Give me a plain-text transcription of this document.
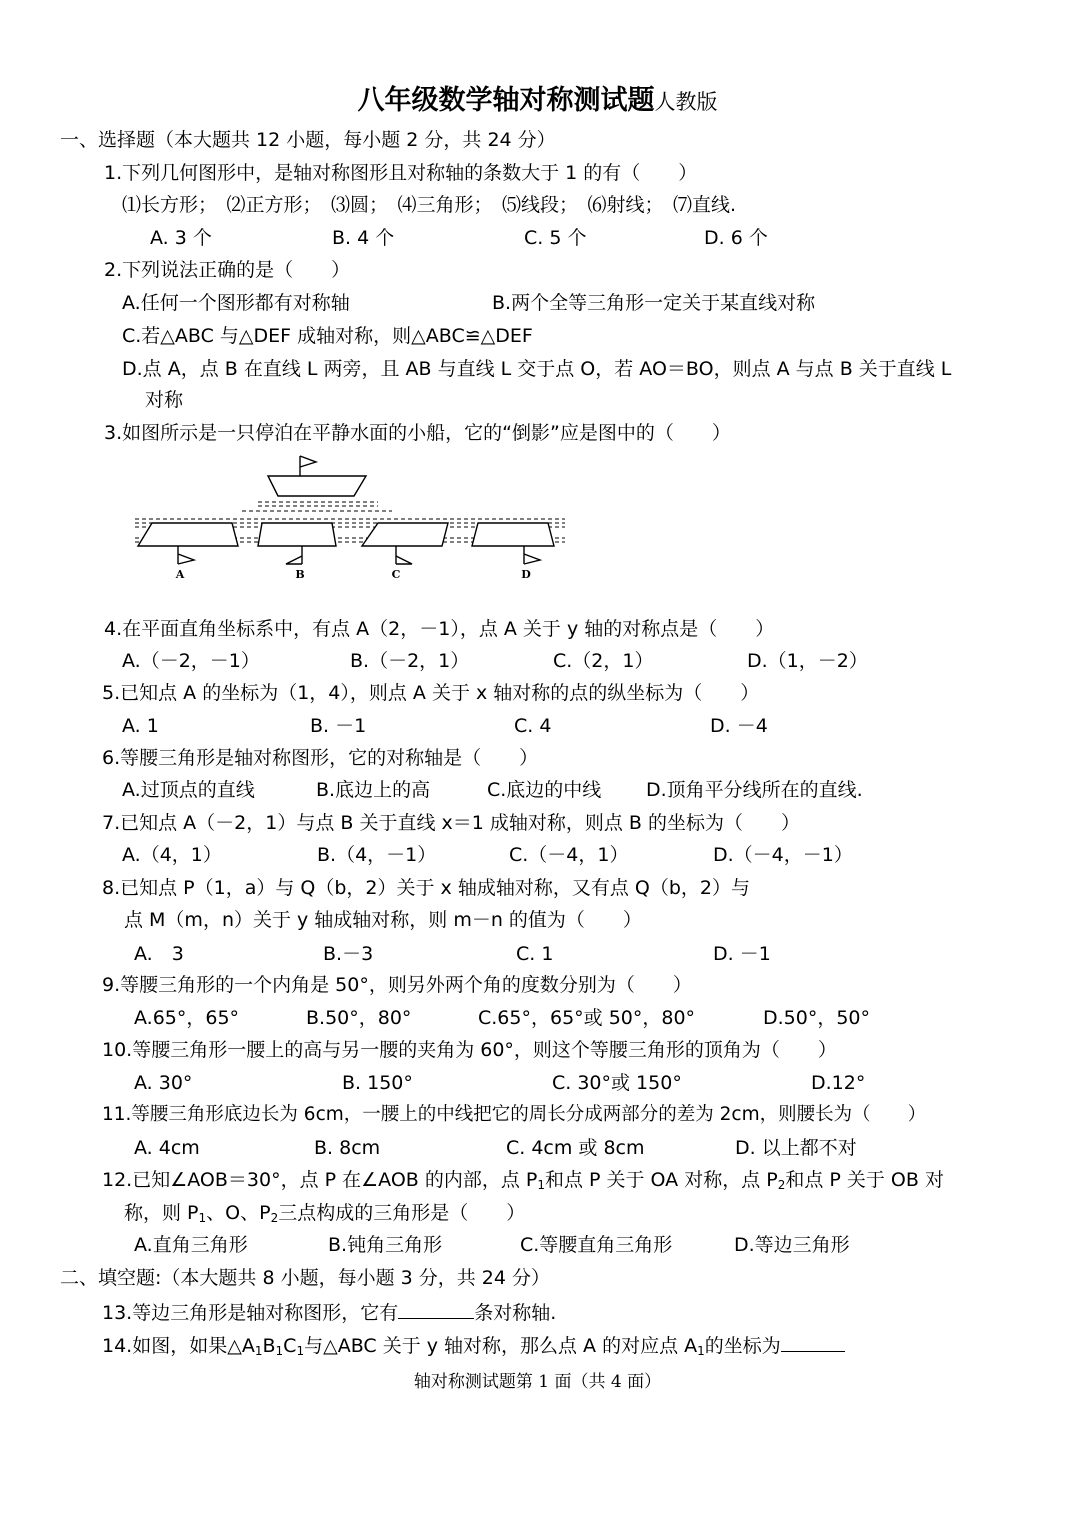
八年级数学轴对称测试题人教版
一、选择题（本大题共 12 小题，每小题 2 分，共 24 分）
1.下列几何图形中，是轴对称图形且对称轴的条数大于 1 的有（　　）
⑴长方形；　⑵正方形；　⑶圆；　⑷三角形；　⑸线段；　⑹射线；　⑺直线.
A. 3 个	B. 4 个	C. 5 个	D. 6 个
2.下列说法正确的是（　　）
A.任何一个图形都有对称轴	B.两个全等三角形一定关于某直线对称
C.若△ABC 与△DEF 成轴对称，则△ABC≌△DEF
D.点 A，点 B 在直线 L 两旁，且 AB 与直线 L 交于点 O，若 AO＝BO，则点 A 与点 B 关于直线 L
对称
3.如图所示是一只停泊在平静水面的小船，它的“倒影”应是图中的（　　）
A	B	C	D
4.在平面直角坐标系中，有点 A（2，－1），点 A 关于 y 轴的对称点是（　　）
A.（－2，－1）	B.（－2，1）	C.（2，1）	D.（1，－2）
5.已知点 A 的坐标为（1，4），则点 A 关于 x 轴对称的点的纵坐标为（　　）
A. 1	B. －1	C. 4	D. －4
6.等腰三角形是轴对称图形，它的对称轴是（　　）
A.过顶点的直线	B.底边上的高	C.底边的中线 D.顶角平分线所在的直线.
7.已知点 A（－2，1）与点 B 关于直线 x＝1 成轴对称，则点 B 的坐标为（　　）
A.（4，1）	B.（4，－1）	C.（－4，1）	D.（－4，－1）
8.已知点 P（1，a）与 Q（b，2）关于 x 轴成轴对称，又有点 Q（b，2）与
点 M（m，n）关于 y 轴成轴对称，则 m－n 的值为（　　）
A.　3	B.－3	C. 1	D. －1
9.等腰三角形的一个内角是 50°，则另外两个角的度数分别为（　　）
A.65°，65°	B.50°，80°	C.65°，65°或 50°，80°	D.50°，50°
10.等腰三角形一腰上的高与另一腰的夹角为 60°，则这个等腰三角形的顶角为（　　）
A. 30°	B. 150°	C. 30°或 150°	D.12°
11.等腰三角形底边长为 6cm，一腰上的中线把它的周长分成两部分的差为 2cm，则腰长为（　　）
A. 4cm	B. 8cm	C. 4cm 或 8cm	D. 以上都不对
12.已知∠AOB＝30°，点 P 在∠AOB 的内部，点 $P_1$和点 P 关于 OA 对称，点 $P_2$和点 P 关于 OB 对
称，则 $P_1$、O、$P_2$三点构成的三角形是（　　）
A.直角三角形	B.钝角三角形	C.等腰直角三角形	D.等边三角形
二、填空题:（本大题共 8 小题，每小题 3 分，共 24 分）
13.等边三角形是轴对称图形，它有	条对称轴.
14.如图，如果$\triangle A_1B_1C_1$与△ABC 关于 y 轴对称，那么点 A 的对应点 $A_1$的坐标为
轴对称测试题第 1 面（共 4 面）
